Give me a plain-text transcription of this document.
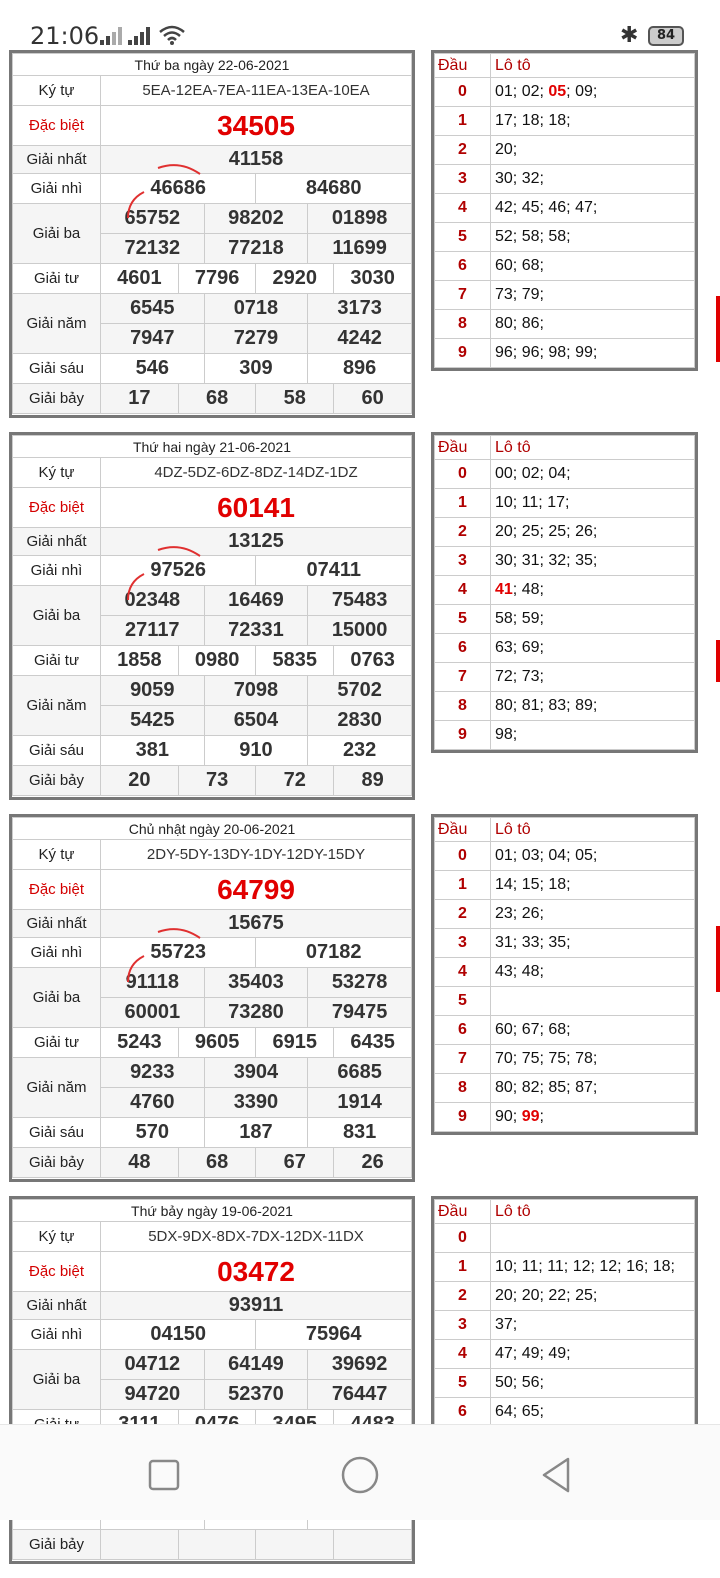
21:06	✱	84
Thứ ba ngày 22-06-2021						
Ký tự	5EA-12EA-7EA-11EA-13EA-10EA					
Đặc biệt	34505					
Giải nhất	41158					
Giải nhì	46686			84680		
Giải ba	65752		98202		01898	
	72132		77218		11699	
Giải tư	4601	7796		2920		3030
Giải năm	6545		0718		3173	
	7947		7279		4242	
Giải sáu	546		309		896	
Giải bảy	17	68		58		60
Đầu	Lô tô
0	01; 02; 05; 09;
1	17; 18; 18;
2	20;
3	30; 32;
4	42; 45; 46; 47;
5	52; 58; 58;
6	60; 68;
7	73; 79;
8	80; 86;
9	96; 96; 98; 99;
Thứ hai ngày 21-06-2021						
Ký tự	4DZ-5DZ-6DZ-8DZ-14DZ-1DZ					
Đặc biệt	60141					
Giải nhất	13125					
Giải nhì	97526			07411		
Giải ba	02348		16469		75483	
	27117		72331		15000	
Giải tư	1858	0980		5835		0763
Giải năm	9059		7098		5702	
	5425		6504		2830	
Giải sáu	381		910		232	
Giải bảy	20	73		72		89
Đầu	Lô tô
0	00; 02; 04;
1	10; 11; 17;
2	20; 25; 25; 26;
3	30; 31; 32; 35;
4	41; 48;
5	58; 59;
6	63; 69;
7	72; 73;
8	80; 81; 83; 89;
9	98;
Chủ nhật ngày 20-06-2021						
Ký tự	2DY-5DY-13DY-1DY-12DY-15DY					
Đặc biệt	64799					
Giải nhất	15675					
Giải nhì	55723			07182		
Giải ba	91118		35403		53278	
	60001		73280		79475	
Giải tư	5243	9605		6915		6435
Giải năm	9233		3904		6685	
	4760		3390		1914	
Giải sáu	570		187		831	
Giải bảy	48	68		67		26
Đầu	Lô tô
0	01; 03; 04; 05;
1	14; 15; 18;
2	23; 26;
3	31; 33; 35;
4	43; 48;
5	
6	60; 67; 68;
7	70; 75; 75; 78;
8	80; 82; 85; 87;
9	90; 99;
Thứ bảy ngày 19-06-2021						
Ký tự	5DX-9DX-8DX-7DX-12DX-11DX					
Đặc biệt	03472					
Giải nhất	93911					
Giải nhì	04150			75964		
Giải ba	04712		64149		39692	
	94720		52370		76447	

Giải bảy						
Đầu	Lô tô
0	
1	10; 11; 11; 12; 12; 16; 18;
2	20; 20; 22; 25;
3	37;
4	47; 49; 49;
5	50; 56;
6	64; 65;
